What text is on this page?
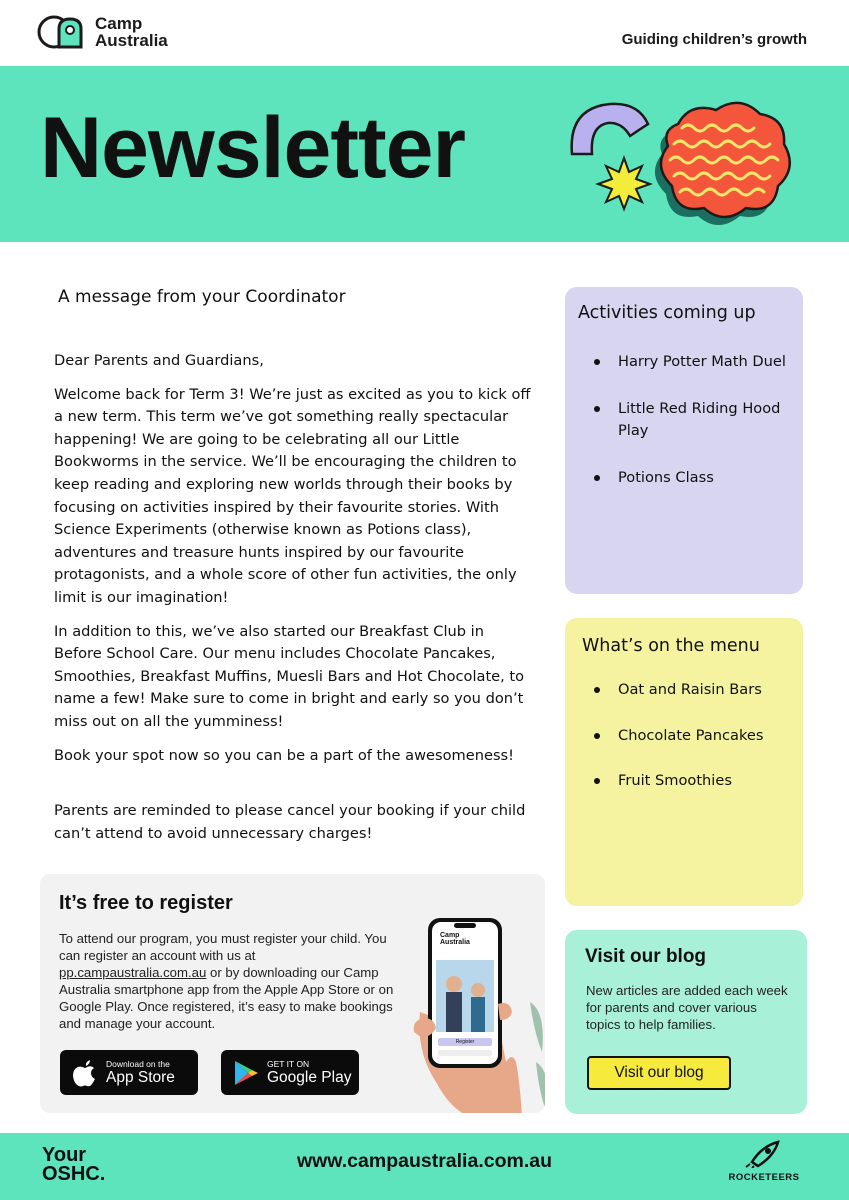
Camp
Australia	Guiding children’s growth
Newsletter
A message from your Coordinator

Dear Parents and Guardians,

Welcome back for Term 3! We’re just as excited as you to kick off a new term. This term we’ve got something really spectacular happening! We are going to be celebrating all our Little Bookworms in the service. We’ll be encouraging the children to keep reading and exploring new worlds through their books by focusing on activities inspired by their favourite stories. With Science Experiments (otherwise known as Potions class), adventures and treasure hunts inspired by our favourite protagonists, and a whole score of other fun activities, the only limit is our imagination!

In addition to this, we’ve also started our Breakfast Club in Before School Care. Our menu includes Chocolate Pancakes, Smoothies, Breakfast Muffins, Muesli Bars and Hot Chocolate, to name a few! Make sure to come in bright and early so you don’t miss out on all the yumminess!

Book your spot now so you can be a part of the awesomeness!

Parents are reminded to please cancel your booking if your child can’t attend to avoid unnecessary charges!

Activities coming up
Harry Potter Math Duel
Little Red Riding Hood Play
Potions Class
What’s on the menu
Oat and Raisin Bars
Chocolate Pancakes
Fruit Smoothies
It’s free to register
To attend our program, you must register your child. You can register an account with us at pp.campaustralia.com.au or by downloading our Camp Australia smartphone app from the Apple App Store or on Google Play. Once registered, it’s easy to make bookings and manage your account.
Download on the
App Store
GET IT ON
Google Play
Camp
Australia
Register
Visit our blog
New articles are added each week for parents and cover various topics to help families.
Visit our blog
Your
OSHC.
www.campaustralia.com.au
ROCKETEERS
